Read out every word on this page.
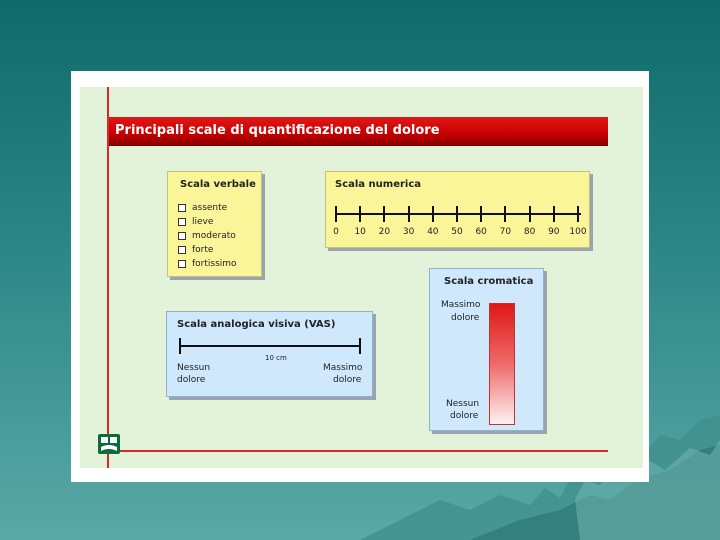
Principali scale di quantificazione del dolore
Scala verbale
assente
lieve
moderato
forte
fortissimo
Scala numerica
0	10	20	30	40	50	60	70	80	90	100
Scala analogica visiva (VAS)
10 cm
Nessun
dolore
Massimo
dolore
Scala cromatica
Massimo
dolore
Nessun
dolore
